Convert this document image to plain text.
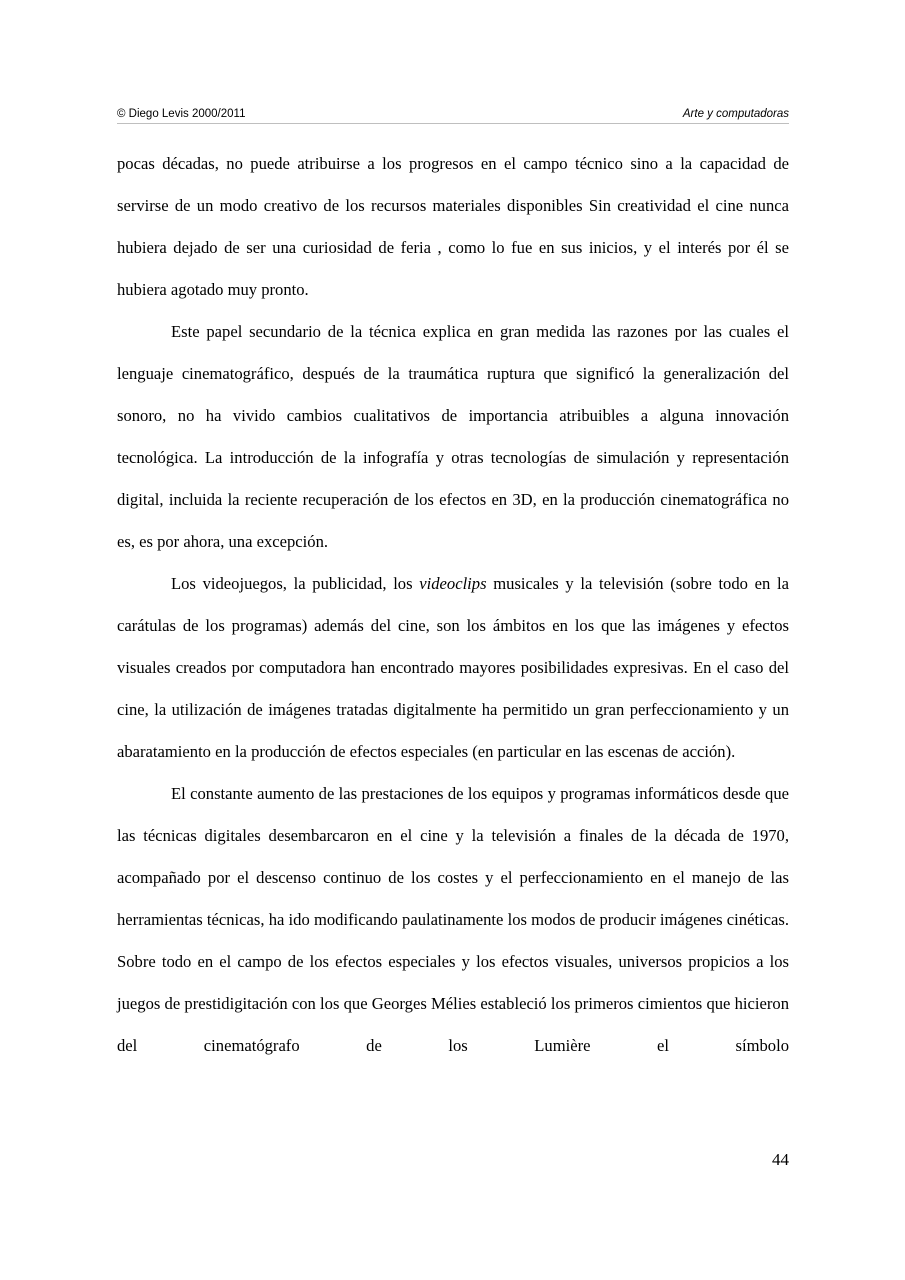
© Diego Levis 2000/2011	Arte y computadoras

pocas décadas, no puede atribuirse a los progresos en el campo técnico sino a la capacidad de servirse de un modo creativo de los recursos materiales disponibles Sin creatividad el cine nunca hubiera dejado de ser una curiosidad de feria , como lo fue en sus inicios, y el interés por él se hubiera agotado muy pronto.

Este papel secundario de la técnica explica en gran medida las razones por las cuales el lenguaje cinematográfico, después de la traumática ruptura que significó la generalización del sonoro, no ha vivido cambios cualitativos de importancia atribuibles a alguna innovación tecnológica. La introducción de la infografía y otras tecnologías de simulación y representación digital, incluida la reciente recuperación de los efectos en 3D, en la producción cinematográfica no es, es por ahora, una excepción.

Los videojuegos, la publicidad, los videoclips musicales y la televisión (sobre todo en la carátulas de los programas) además del cine, son los ámbitos en los que las imágenes y efectos visuales creados por computadora han encontrado mayores posibilidades expresivas. En el caso del cine, la utilización de imágenes tratadas digitalmente ha permitido un gran perfeccionamiento y un abaratamiento en la producción de efectos especiales (en particular en las escenas de acción).

El constante aumento de las prestaciones de los equipos y programas informáticos desde que las técnicas digitales desembarcaron en el cine y la televisión a finales de la década de 1970, acompañado por el descenso continuo de los costes y el perfeccionamiento en el manejo de las herramientas técnicas, ha ido modificando paulatinamente los modos de producir imágenes cinéticas. Sobre todo en el campo de los efectos especiales y los efectos visuales, universos propicios a los juegos de prestidigitación con los que Georges Mélies estableció los primeros cimientos que hicieron del cinematógrafo de los Lumière el símbolo

44
